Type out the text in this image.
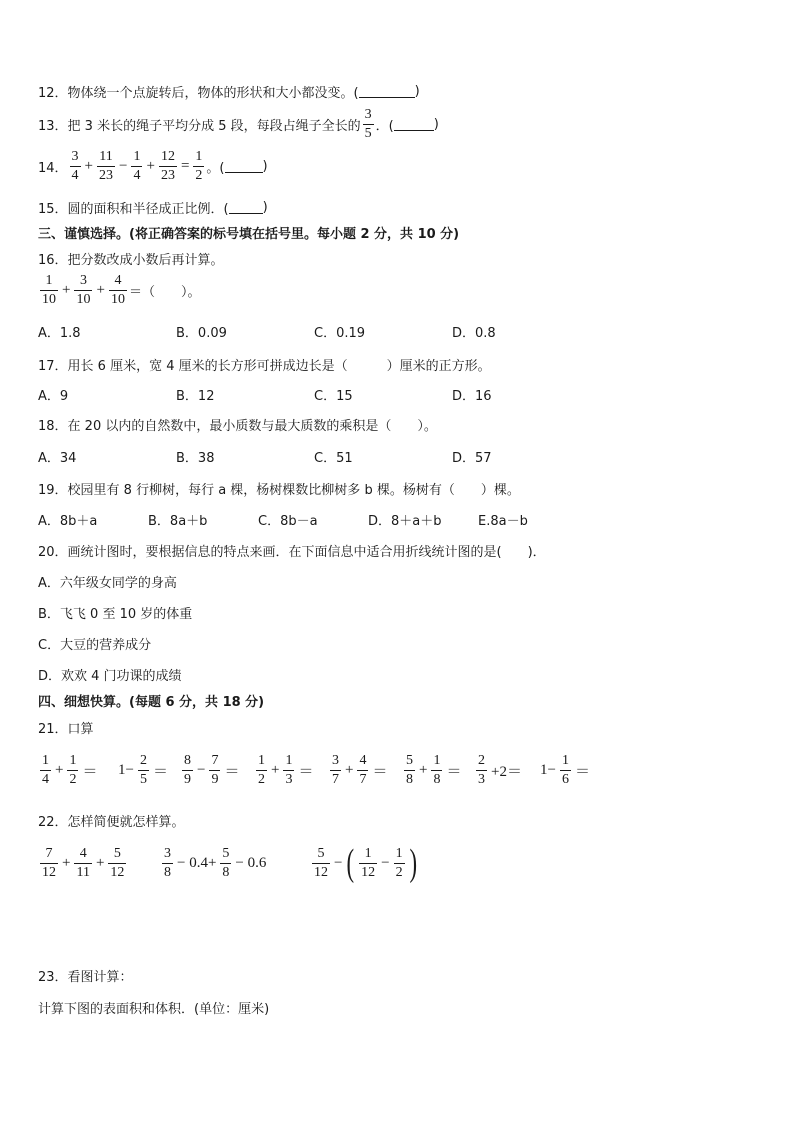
12．物体绕一个点旋转后，物体的形状和大小都没变。(	)
13．把 3 米长的绳子平均分成 5 段，每段占绳子全长的 $\frac{3}{5}$ ．(	)
14． $\frac{3}{4} + \frac{11}{23} - \frac{1}{4} + \frac{12}{23} = \frac{1}{2}$ 。(	)
15．圆的面积和半径成正比例．(	)
三、谨慎选择。(将正确答案的标号填在括号里。每小题 2 分，共 10 分)
16．把分数改成小数后再计算。
$\frac{1}{10} + \frac{3}{10} + \frac{4}{10}$ ＝（　　）。
A．1.8	B．0.09	C．0.19	D．0.8
17．用长 6 厘米，宽 4 厘米的长方形可拼成边长是（　　　）厘米的正方形。
A．9	B．12	C．15	D．16
18．在 20 以内的自然数中，最小质数与最大质数的乘积是（　　）。
A．34	B．38	C．51	D．57
19．校园里有 8 行柳树，每行 a 棵，杨树棵数比柳树多 b 棵。杨树有（　　）棵。
A．8b＋a	B．8a＋b	C．8b－a	D．8＋a＋b	E.8a－b
20．画统计图时，要根据信息的特点来画．在下面信息中适合用折线统计图的是(　　)．
A．六年级女同学的身高
B．飞飞 0 至 10 岁的体重
C．大豆的营养成分
D．欢欢 4 门功课的成绩
四、细想快算。(每题 6 分，共 18 分)
21．口算
$\frac{1}{4} + \frac{1}{2} = 1- \frac{2}{5} = \frac{8}{9} - \frac{7}{9} = \frac{1}{2} + \frac{1}{3} = \frac{3}{7} + \frac{4}{7} = \frac{5}{8} + \frac{1}{8} = \frac{2}{3} +2= 1- \frac{1}{6}$ ＝
22．怎样简便就怎样算。
$\frac{7}{12} + \frac{4}{11} + \frac{5}{12}$	$\frac{3}{8} - 0.4+ \frac{5}{8} - 0.6$	$\frac{5}{12}$ − ( $\frac{1}{12} - \frac{1}{2}$ )
23．看图计算：
计算下图的表面积和体积．(单位：厘米)
